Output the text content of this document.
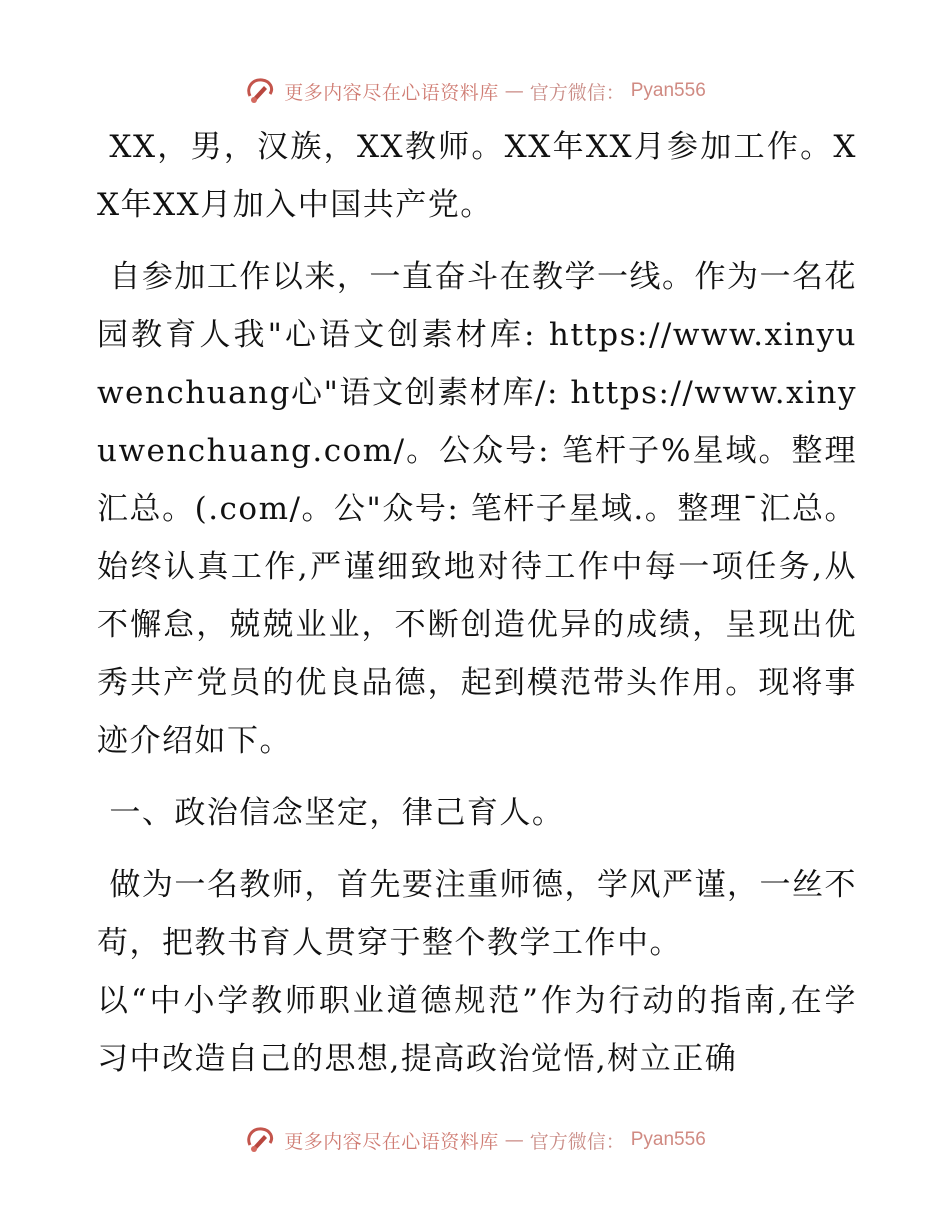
更多内容尽在心语资料库 — 官方微信： Pyan556

XX，男，汉族，XX教师。XX年XX月参加工作。XX年XX月加入中国共产党。

自参加工作以来，一直奋斗在教学一线。作为一名花园教育人我"心语文创素材库: https://www.xinyuwenchuang心"语文创素材库/: https://www.xinyuwenchuang.com/。公众号: 笔杆子%星域。整理汇总。(.com/。公"众号: 笔杆子星域.。整理¯汇总。始终认真工作,严谨细致地对待工作中每一项任务,从不懈怠，兢兢业业，不断创造优异的成绩，呈现出优秀共产党员的优良品德，起到模范带头作用。现将事迹介绍如下。

一、政治信念坚定，律己育人。

做为一名教师，首先要注重师德，学风严谨，一丝不苟，把教书育人贯穿于整个教学工作中。

以“中小学教师职业道德规范”作为行动的指南,在学习中改造自己的思想,提高政治觉悟,树立正确

更多内容尽在心语资料库 — 官方微信： Pyan556
